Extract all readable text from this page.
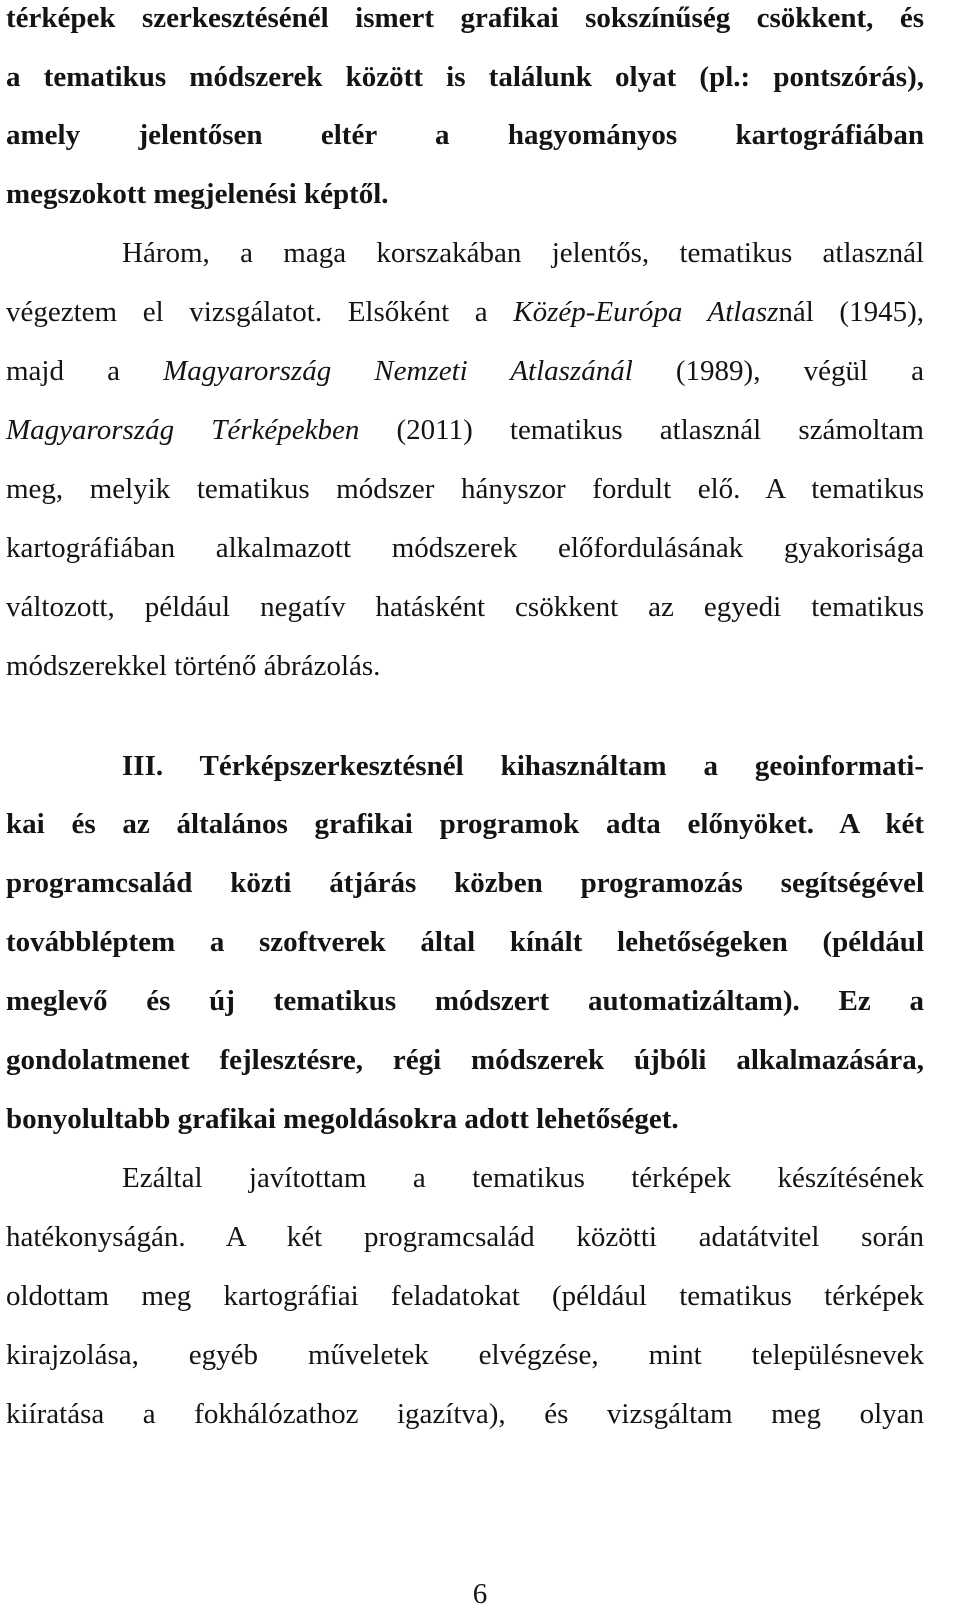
térképek szerkesztésénél ismert grafikai sokszínűség csökkent, és
a tematikus módszerek között is találunk olyat (pl.: pontszórás),
amely jelentősen eltér a hagyományos kartográfiában
megszokott megjelenési képtől.
Három, a maga korszakában jelentős, tematikus atlasznál
végeztem el vizsgálatot. Elsőként a Közép-Európa Atlasznál (1945),
majd a Magyarország Nemzeti Atlaszánál (1989), végül a
Magyarország Térképekben (2011) tematikus atlasznál számoltam
meg, melyik tematikus módszer hányszor fordult elő. A tematikus
kartográfiában alkalmazott módszerek előfordulásának gyakorisága
változott, például negatív hatásként csökkent az egyedi tematikus
módszerekkel történő ábrázolás.
III. Térképszerkesztésnél kihasználtam a geoinformati-
kai és az általános grafikai programok adta előnyöket. A két
programcsalád közti átjárás közben programozás segítségével
továbbléptem a szoftverek által kínált lehetőségeken (például
meglevő és új tematikus módszert automatizáltam). Ez a
gondolatmenet fejlesztésre, régi módszerek újbóli alkalmazására,
bonyolultabb grafikai megoldásokra adott lehetőséget.
Ezáltal javítottam a tematikus térképek készítésének
hatékonyságán. A két programcsalád közötti adatátvitel során
oldottam meg kartográfiai feladatokat (például tematikus térképek
kirajzolása, egyéb műveletek elvégzése, mint településnevek
kiíratása a fokhálózathoz igazítva), és vizsgáltam meg olyan
6
